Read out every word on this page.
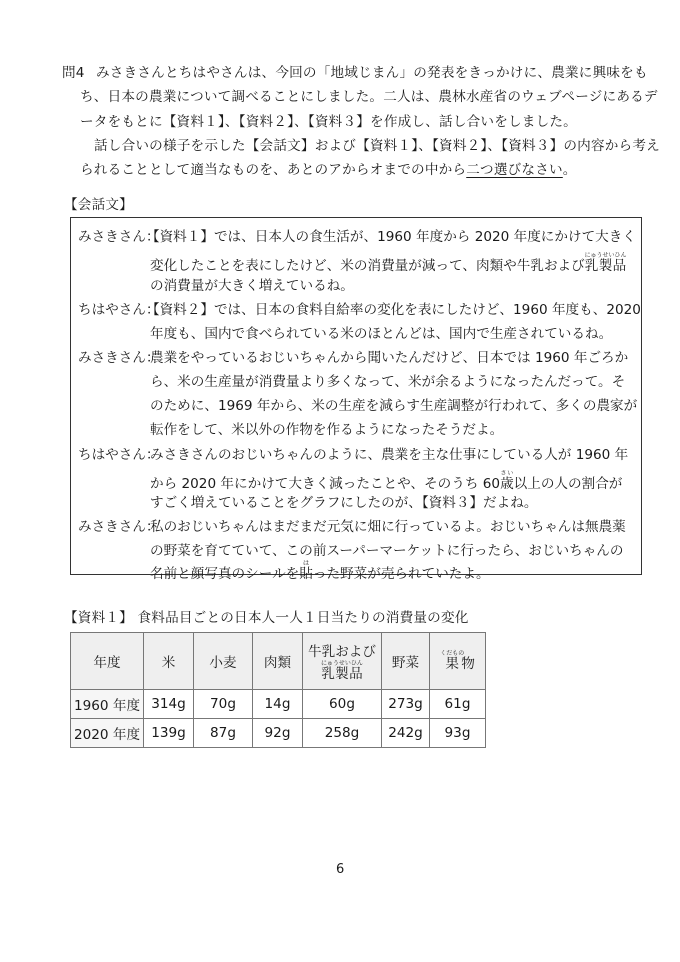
問4 みさきさんとちはやさんは、今回の「地域じまん」の発表をきっかけに、農業に興味をも
ち、日本の農業について調べることにしました。二人は、農林水産省のウェブページにあるデ
ータをもとに【資料１】、【資料２】、【資料３】を作成し、話し合いをしました。
話し合いの様子を示した【会話文】および【資料１】、【資料２】、【資料３】の内容から考え
られることとして適当なものを、あとのアからオまでの中から二つ選びなさい。
【会話文】
みさきさん：
【資料１】では、日本人の食生活が、1960 年度から 2020 年度にかけて大きく
変化したことを表にしたけど、米の消費量が減って、肉類や牛乳および乳製品にゅうせいひん
の消費量が大きく増えているね。
ちはやさん：
【資料２】では、日本の食料自給率の変化を表にしたけど、1960 年度も、2020
年度も、国内で食べられている米のほとんどは、国内で生産されているね。
みさきさん：
農業をやっているおじいちゃんから聞いたんだけど、日本では 1960 年ごろか
ら、米の生産量が消費量より多くなって、米が余るようになったんだって。そ
のために、1969 年から、米の生産を減らす生産調整が行われて、多くの農家が
転作をして、米以外の作物を作るようになったそうだよ。
ちはやさん：
みさきさんのおじいちゃんのように、農業を主な仕事にしている人が 1960 年
から 2020 年にかけて大きく減ったことや、そのうち 60歳さい以上の人の割合が
すごく増えていることをグラフにしたのが、【資料３】だよね。
みさきさん：
私のおじいちゃんはまだまだ元気に畑に行っているよ。おじいちゃんは無農薬
の野菜を育てていて、この前スーパーマーケットに行ったら、おじいちゃんの
名前と顔写真のシールを貼はった野菜が売られていたよ。
【資料１】 食料品目ごとの日本人一人１日当たりの消費量の変化
年度	米	小麦	肉類	牛乳および
乳製品にゅうせいひん	野菜	果くだもの物
1960 年度	314g	70g	14g	60g	273g	61g
2020 年度	139g	87g	92g	258g	242g	93g
6
